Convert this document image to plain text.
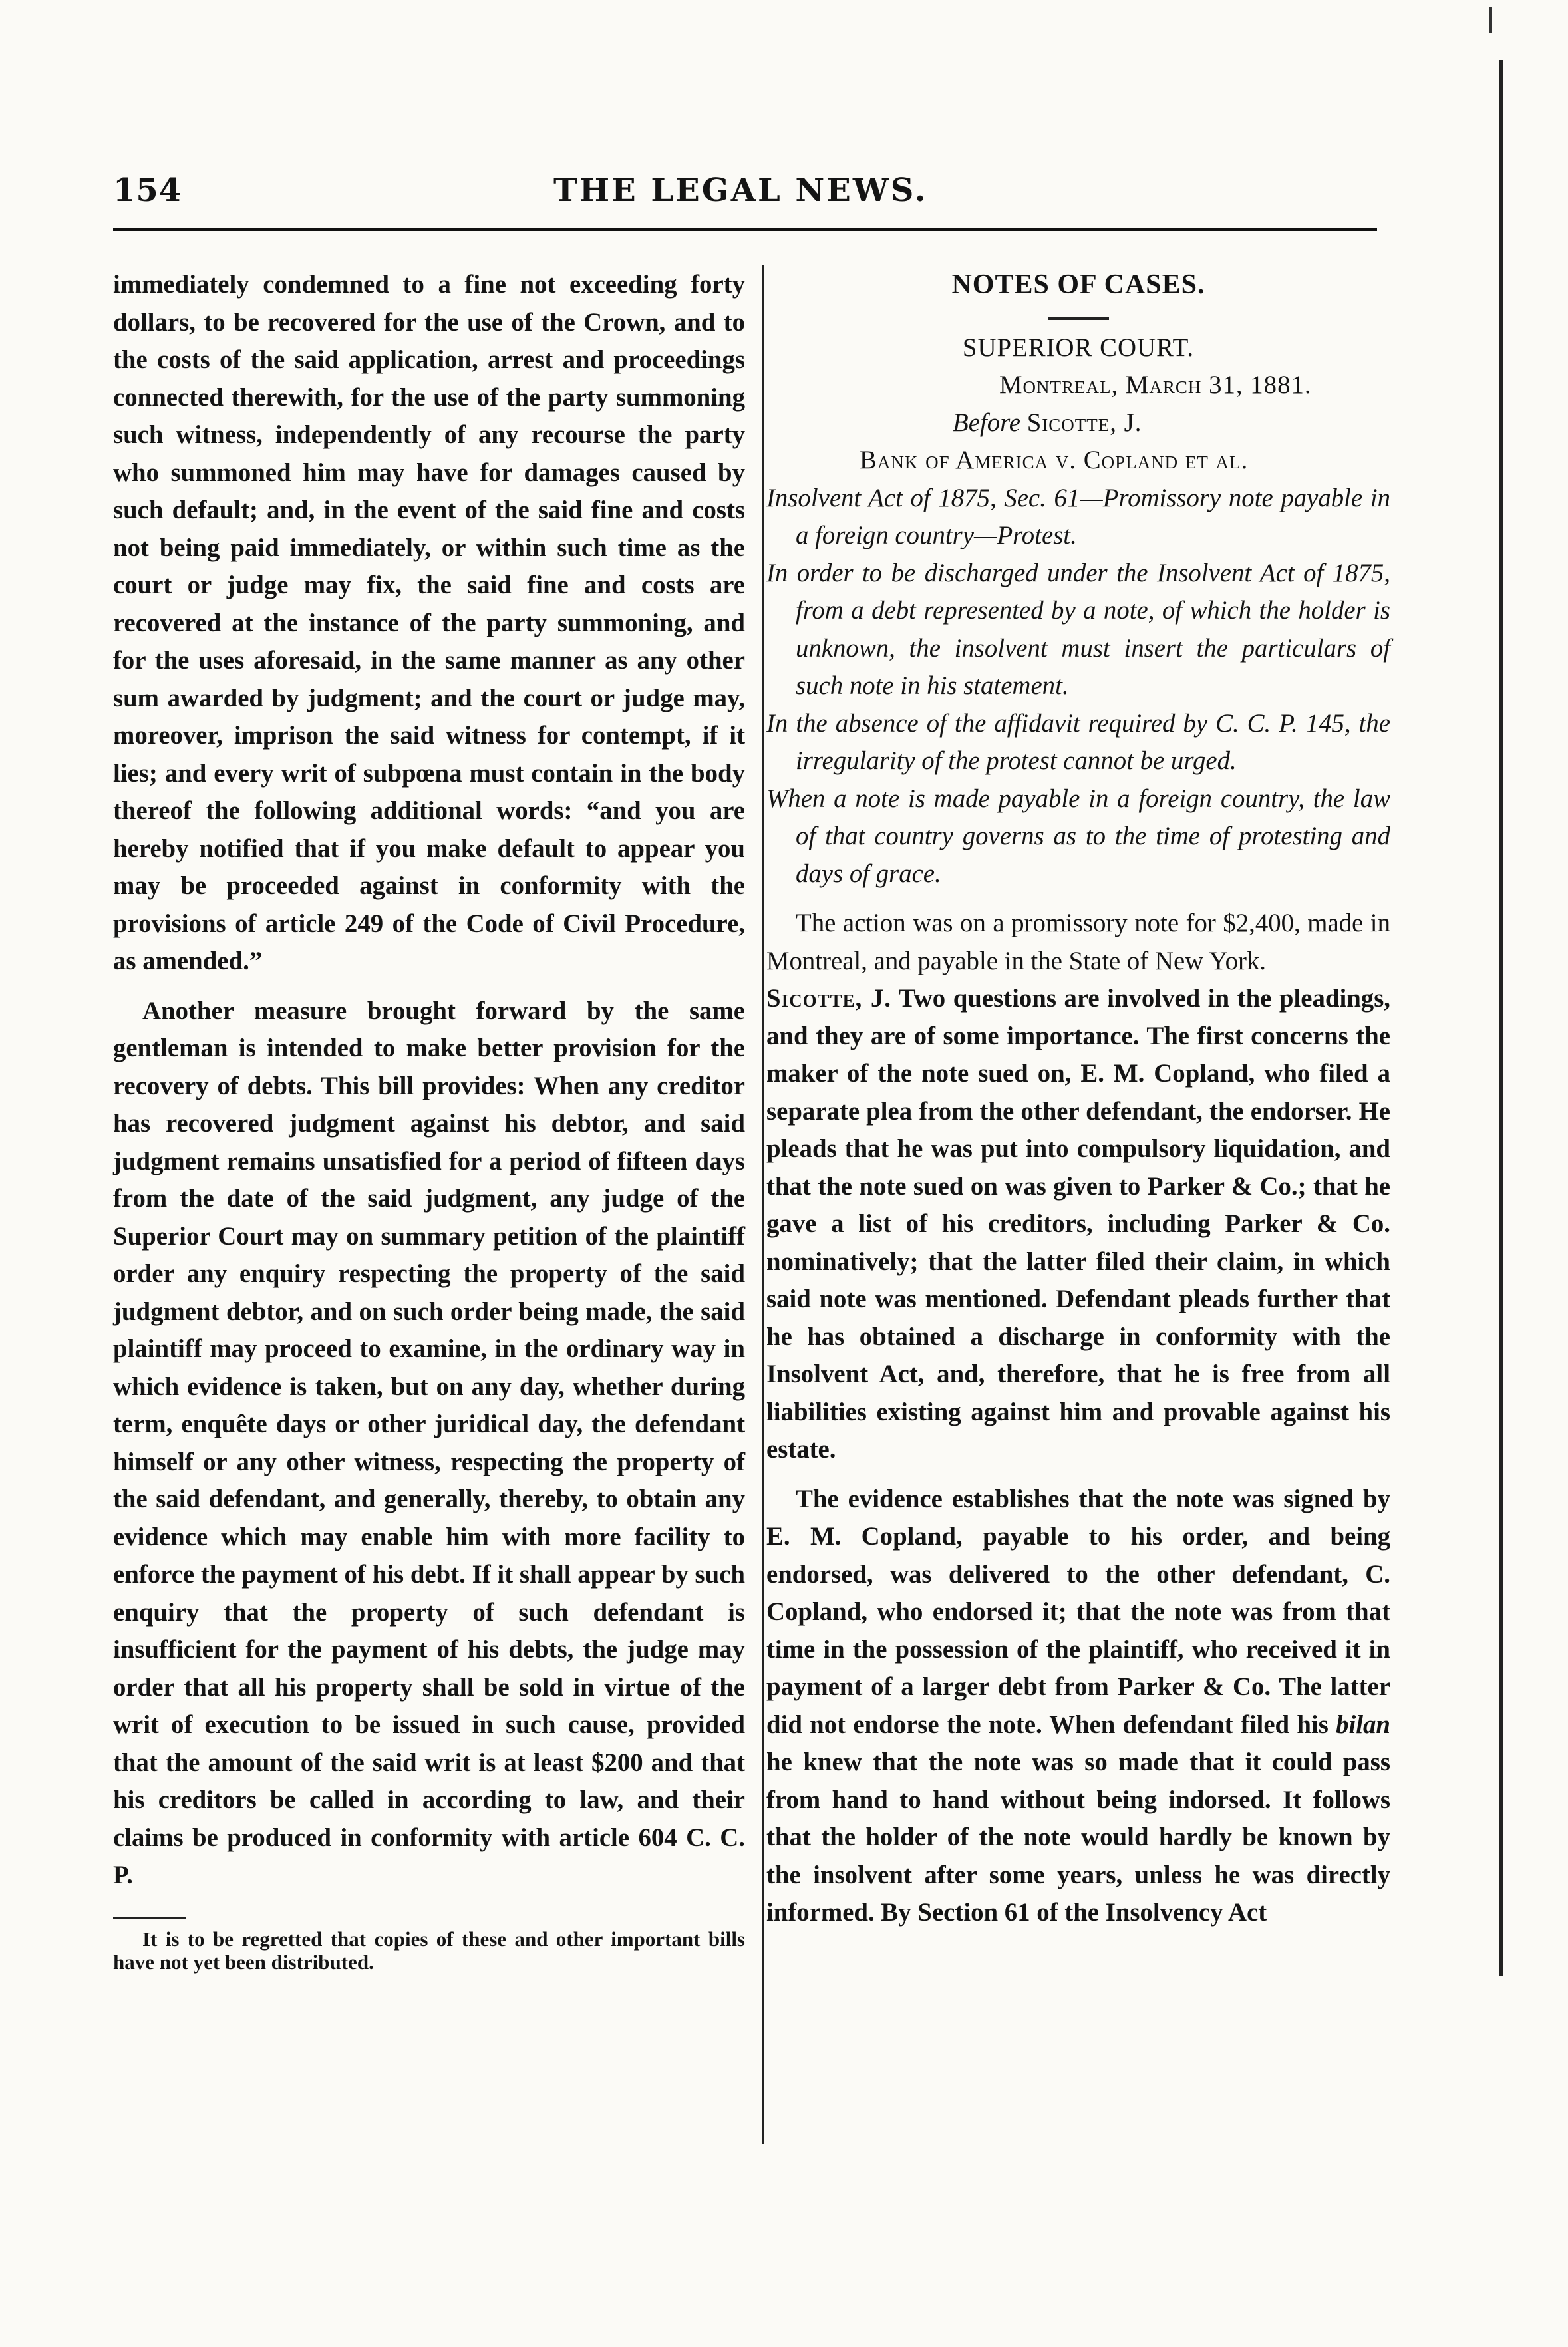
154	THE LEGAL NEWS.

immediately condemned to a fine not exceeding forty dollars, to be recovered for the use of the Crown, and to the costs of the said application, arrest and proceedings connected therewith, for the use of the party summoning such witness, independently of any recourse the party who summoned him may have for damages caused by such default; and, in the event of the said fine and costs not being paid immediately, or within such time as the court or judge may fix, the said fine and costs are recovered at the instance of the party summoning, and for the uses aforesaid, in the same manner as any other sum awarded by judgment; and the court or judge may, moreover, imprison the said witness for contempt, if it lies; and every writ of subpœna must contain in the body thereof the following additional words: “and you are hereby notified that if you make default to appear you may be proceeded against in conformity with the provisions of article 249 of the Code of Civil Procedure, as amended.”

Another measure brought forward by the same gentleman is intended to make better provision for the recovery of debts. This bill provides: When any creditor has recovered judgment against his debtor, and said judgment remains unsatisfied for a period of fifteen days from the date of the said judgment, any judge of the Superior Court may on summary petition of the plaintiff order any enquiry respecting the property of the said judgment debtor, and on such order being made, the said plaintiff may proceed to examine, in the ordinary way in which evidence is taken, but on any day, whether during term, enquête days or other juridical day, the defendant himself or any other witness, respecting the property of the said defendant, and generally, thereby, to obtain any evidence which may enable him with more facility to enforce the payment of his debt. If it shall appear by such enquiry that the property of such defendant is insufficient for the payment of his debts, the judge may order that all his property shall be sold in virtue of the writ of execution to be issued in such cause, provided that the amount of the said writ is at least $200 and that his creditors be called in according to law, and their claims be produced in conformity with article 604 C. C. P.

It is to be regretted that copies of these and other important bills have not yet been distributed.

NOTES OF CASES.

SUPERIOR COURT.

Montreal, March 31, 1881.

Before Sicotte, J.

Bank of America v. Copland et al.

Insolvent Act of 1875, Sec. 61—Promissory note payable in a foreign country—Protest.

In order to be discharged under the Insolvent Act of 1875, from a debt represented by a note, of which the holder is unknown, the insolvent must insert the particulars of such note in his statement.

In the absence of the affidavit required by C. C. P. 145, the irregularity of the protest cannot be urged.

When a note is made payable in a foreign country, the law of that country governs as to the time of protesting and days of grace.

The action was on a promissory note for $2,400, made in Montreal, and payable in the State of New York.

Sicotte, J. Two questions are involved in the pleadings, and they are of some importance. The first concerns the maker of the note sued on, E. M. Copland, who filed a separate plea from the other defendant, the endorser. He pleads that he was put into compulsory liquidation, and that the note sued on was given to Parker & Co.; that he gave a list of his creditors, including Parker & Co. nominatively; that the latter filed their claim, in which said note was mentioned. Defendant pleads further that he has obtained a discharge in conformity with the Insolvent Act, and, therefore, that he is free from all liabilities existing against him and provable against his estate.

The evidence establishes that the note was signed by E. M. Copland, payable to his order, and being endorsed, was delivered to the other defendant, C. Copland, who endorsed it; that the note was from that time in the possession of the plaintiff, who received it in payment of a larger debt from Parker & Co. The latter did not endorse the note. When defendant filed his bilan he knew that the note was so made that it could pass from hand to hand without being indorsed. It follows that the holder of the note would hardly be known by the insolvent after some years, unless he was directly informed. By Section 61 of the Insolvency Act
